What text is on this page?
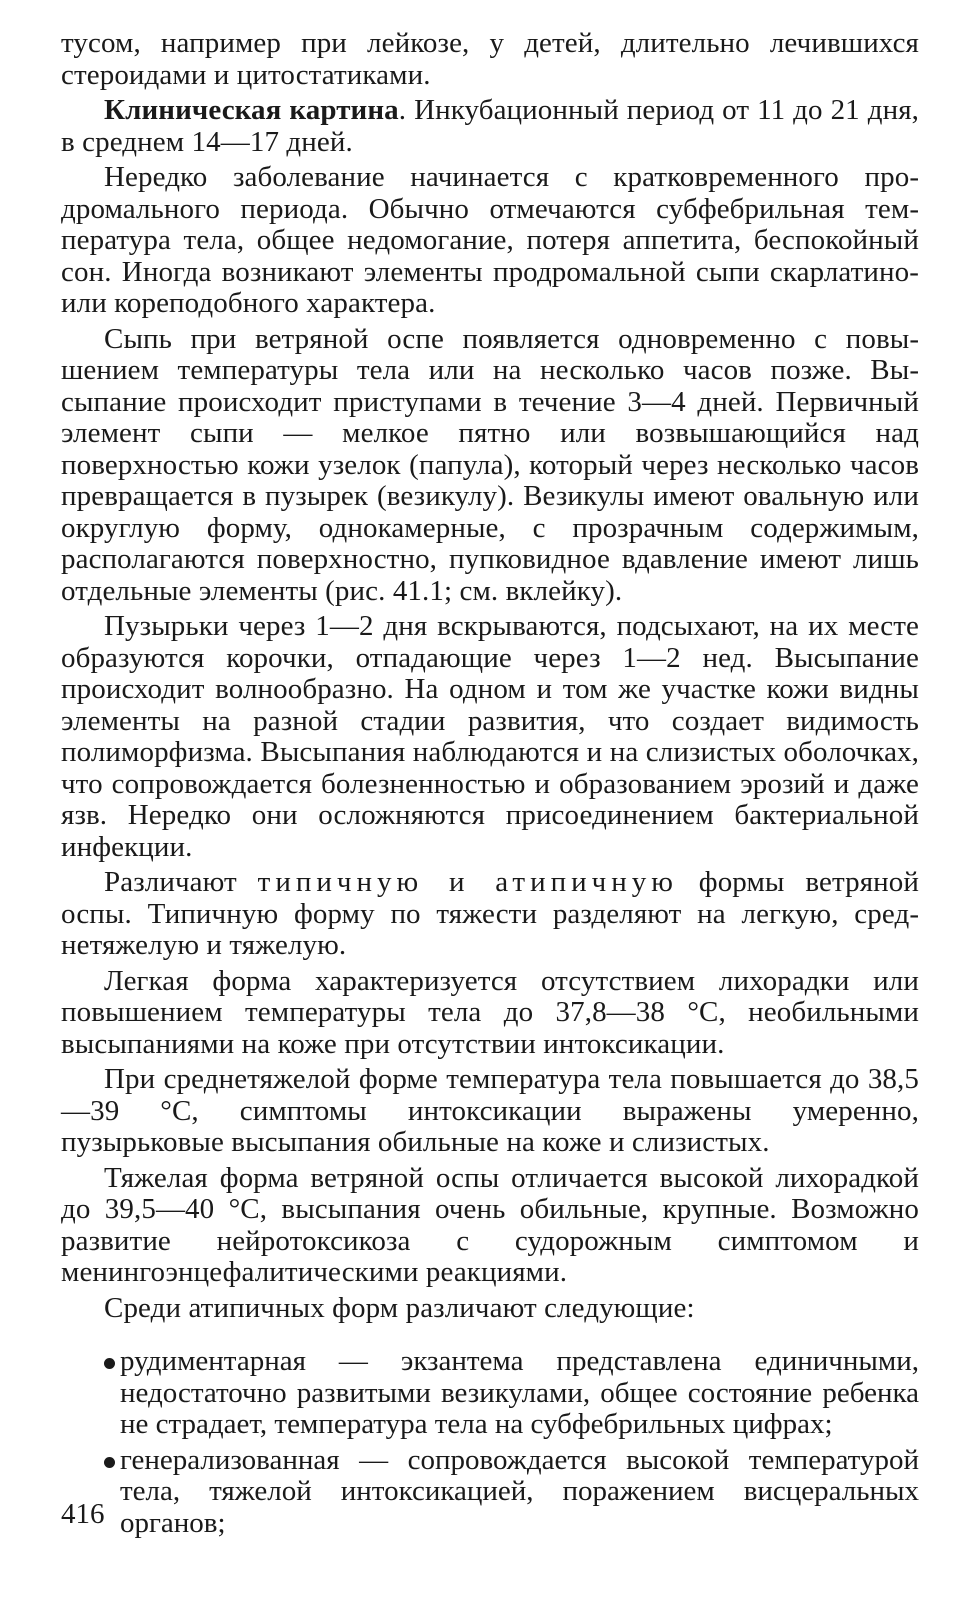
тусом, например при лейкозе, у детей, длительно лечившихся стероидами и цитостатиками.

Клиническая картина. Инкубационный период от 11 до 21 дня, в среднем 14—17 дней.

Нередко заболевание начинается с кратковременного продромального периода. Обычно отмечаются субфебрильная температура тела, общее недомогание, потеря аппетита, беспокойный сон. Иногда возникают элементы продромальной сыпи скарлатино- или кореподобного характера.

Сыпь при ветряной оспе появляется одновременно с повышением температуры тела или на несколько часов позже. Высыпание происходит приступами в течение 3—4 дней. Первичный элемент сыпи — мелкое пятно или возвышающийся над поверхностью кожи узелок (папула), который через несколько часов превращается в пузырек (везикулу). Везикулы имеют овальную или округлую форму, однокамерные, с прозрачным содержимым, располагаются поверхностно, пупковидное вдавление имеют лишь отдельные элементы (рис. 41.1; см. вклейку).

Пузырьки через 1—2 дня вскрываются, подсыхают, на их месте образуются корочки, отпадающие через 1—2 нед. Высыпание происходит волнообразно. На одном и том же участке кожи видны элементы на разной стадии развития, что создает видимость полиморфизма. Высыпания наблюдаются и на слизистых оболочках, что сопровождается болезненностью и образованием эрозий и даже язв. Нередко они осложняются присоединением бактериальной инфекции.

Различают типичную и атипичную формы ветряной оспы. Типичную форму по тяжести разделяют на легкую, среднетяжелую и тяжелую.

Легкая форма характеризуется отсутствием лихорадки или повышением температуры тела до 37,8—38 °С, необильными высыпаниями на коже при отсутствии интоксикации.

При среднетяжелой форме температура тела повышается до 38,5—39 °С, симптомы интоксикации выражены умеренно, пузырьковые высыпания обильные на коже и слизистых.

Тяжелая форма ветряной оспы отличается высокой лихорадкой до 39,5—40 °С, высыпания очень обильные, крупные. Возможно развитие нейротоксикоза с судорожным симптомом и менингоэнцефалитическими реакциями.

Среди атипичных форм различают следующие:

рудиментарная — экзантема представлена единичными, недостаточно развитыми везикулами, общее состояние ребенка не страдает, температура тела на субфебрильных цифрах;
генерализованная — сопровождается высокой температурой тела, тяжелой интоксикацией, поражением висцеральных органов;
416
